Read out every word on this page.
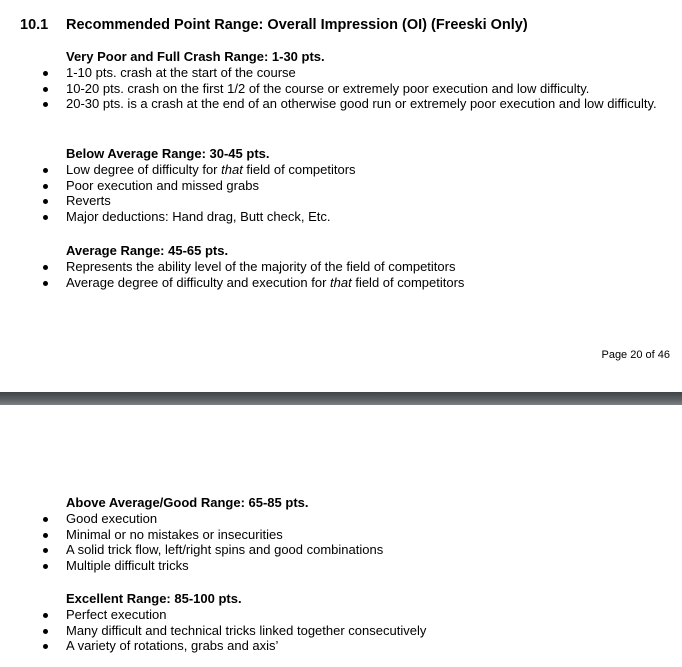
10.1 Recommended Point Range: Overall Impression (OI) (Freeski Only)
Very Poor and Full Crash Range: 1-30 pts.
1-10 pts. crash at the start of the course
10-20 pts. crash on the first 1/2 of the course or extremely poor execution and low difficulty.
20-30 pts. is a crash at the end of an otherwise good run or extremely poor execution and low difficulty.
Below Average Range: 30-45 pts.
Low degree of difficulty for that field of competitors
Poor execution and missed grabs
Reverts
Major deductions: Hand drag, Butt check, Etc.
Average Range: 45-65 pts.
Represents the ability level of the majority of the field of competitors
Average degree of difficulty and execution for that field of competitors
Page 20 of 46
Above Average/Good Range: 65-85 pts.
Good execution
Minimal or no mistakes or insecurities
A solid trick flow, left/right spins and good combinations
Multiple difficult tricks
Excellent Range: 85-100 pts.
Perfect execution
Many difficult and technical tricks linked together consecutively
A variety of rotations, grabs and axis’
